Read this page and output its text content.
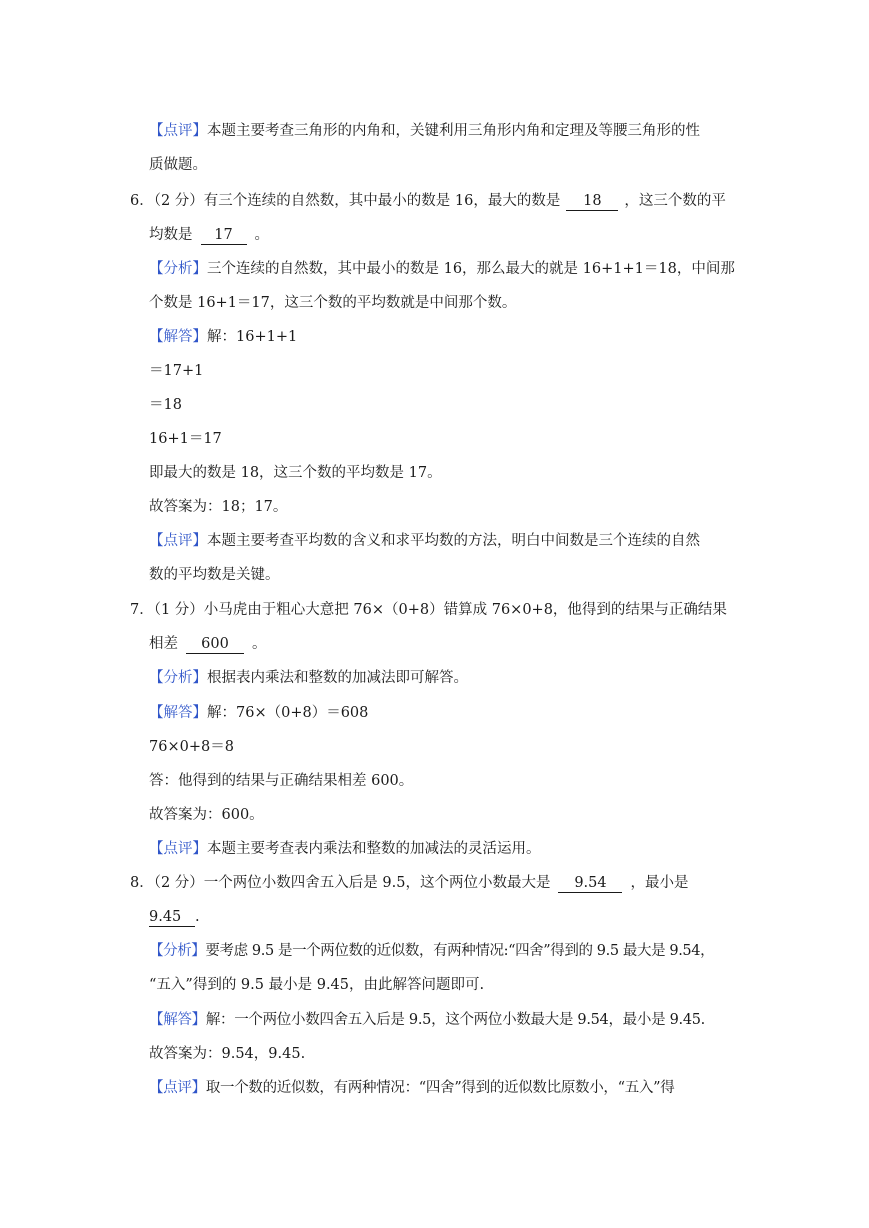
【点评】本题主要考查三角形的内角和，关键利用三角形内角和定理及等腰三角形的性
质做题。
6．（2 分）有三个连续的自然数，其中最小的数是 16，最大的数是 18 ，这三个数的平
均数是 17 。
【分析】三个连续的自然数，其中最小的数是 16，那么最大的就是 16+1+1＝18，中间那
个数是 16+1＝17，这三个数的平均数就是中间那个数。
【解答】解：16+1+1
＝17+1
＝18
16+1＝17
即最大的数是 18，这三个数的平均数是 17。
故答案为：18；17。
【点评】本题主要考查平均数的含义和求平均数的方法，明白中间数是三个连续的自然
数的平均数是关键。
7．（1 分）小马虎由于粗心大意把 76×（0+8）错算成 76×0+8，他得到的结果与正确结果
相差 600 。
【分析】根据表内乘法和整数的加减法即可解答。
【解答】解：76×（0+8）＝608
76×0+8＝8
答：他得到的结果与正确结果相差 600。
故答案为：600。
【点评】本题主要考查表内乘法和整数的加减法的灵活运用。
8．（2 分）一个两位小数四舍五入后是 9.5，这个两位小数最大是 9.54 ，最小是
9.45 .
【分析】要考虑 9.5 是一个两位数的近似数，有两种情况:“四舍”得到的 9.5 最大是 9.54，
“五入”得到的 9.5 最小是 9.45，由此解答问题即可.
【解答】解：一个两位小数四舍五入后是 9.5，这个两位小数最大是 9.54，最小是 9.45.
故答案为：9.54，9.45.
【点评】取一个数的近似数，有两种情况：“四舍”得到的近似数比原数小，“五入”得
